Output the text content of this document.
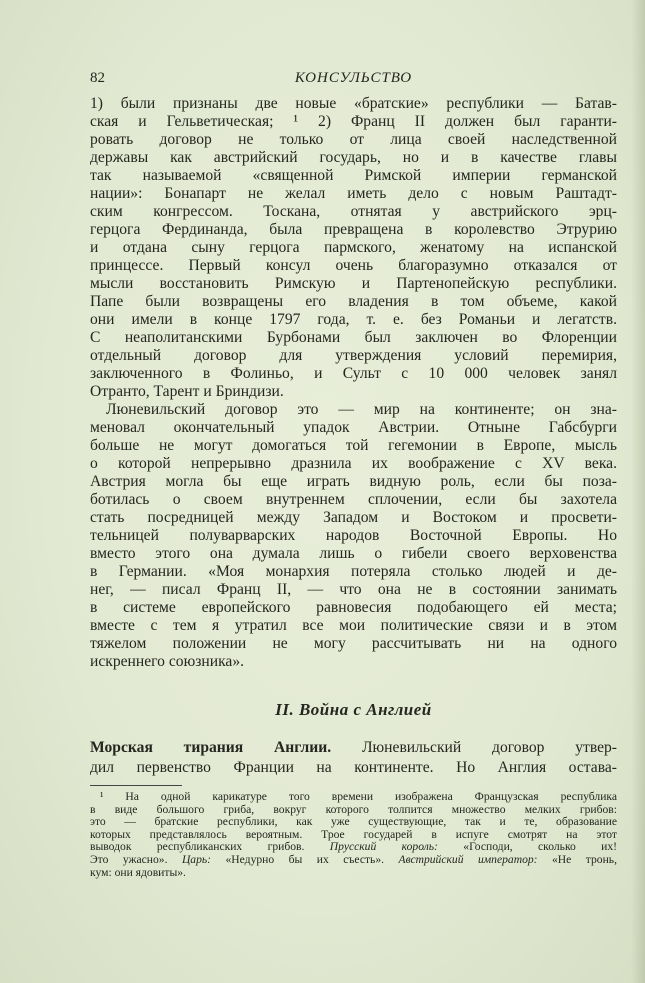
82	КОНСУЛЬСТВО
1) были признаны две новые «братские» республики — Батав-
ская и Гельветическая; ¹ 2) Франц II должен был гаранти-
ровать договор не только от лица своей наследственной
державы как австрийский государь, но и в качестве главы
так называемой «священной Римской империи германской
нации»: Бонапарт не желал иметь дело с новым Раштадт-
ским конгрессом. Тоскана, отнятая у австрийского эрц-
герцога Фердинанда, была превращена в королевство Этрурию
и отдана сыну герцога пармского, женатому на испанской
принцессе. Первый консул очень благоразумно отказался от
мысли восстановить Римскую и Партенопейскую республики.
Папе были возвращены его владения в том объеме, какой
они имели в конце 1797 года, т. е. без Романьи и легатств.
С неаполитанскими Бурбонами был заключен во Флоренции
отдельный договор для утверждения условий перемирия,
заключенного в Фолиньо, и Сульт с 10 000 человек занял
Отранто, Тарент и Бриндизи.
Люневильский договор это — мир на континенте; он зна-
меновал окончательный упадок Австрии. Отныне Габсбурги
больше не могут домогаться той гегемонии в Европе, мысль
о которой непрерывно дразнила их воображение с XV века.
Австрия могла бы еще играть видную роль, если бы поза-
ботилась о своем внутреннем сплочении, если бы захотела
стать посредницей между Западом и Востоком и просвети-
тельницей полуварварских народов Восточной Европы. Но
вместо этого она думала лишь о гибели своего верховенства
в Германии. «Моя монархия потеряла столько людей и де-
нег, — писал Франц II, — что она не в состоянии занимать
в системе европейского равновесия подобающего ей места;
вместе с тем я утратил все мои политические связи и в этом
тяжелом положении не могу рассчитывать ни на одного
искреннего союзника».
II. Война с Англией
Морская тирания Англии. Люневильский договор утвер-
дил первенство Франции на континенте. Но Англия остава-
¹ На одной карикатуре того времени изображена Французская республика
в виде большого гриба, вокруг которого толпится множество мелких грибов:
это — братские республики, как уже существующие, так и те, образование
которых представлялось вероятным. Трое государей в испуге смотрят на этот
выводок республиканских грибов. Прусский король: «Господи, сколько их!
Это ужасно». Царь: «Недурно бы их съесть». Австрийский император: «Не тронь,
кум: они ядовиты».
